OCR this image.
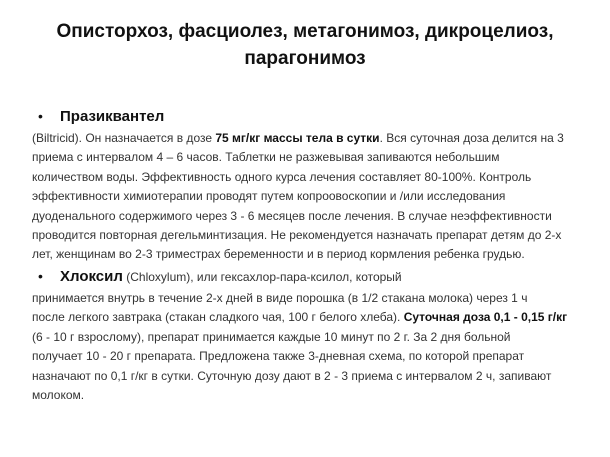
Описторхоз, фасциолез, метагонимоз, дикроцелиоз,
парагонимоз
•	Празиквантел
(Biltricid). Он назначается в дозе 75 мг/кг массы тела в сутки. Вся суточная доза делится на 3
приема с интервалом 4 – 6 часов. Таблетки не разжевывая запиваются небольшим
количеством воды. Эффективность одного курса лечения составляет 80-100%. Контроль
эффективности химиотерапии проводят путем копроовоскопии и /или исследования
дуоденального содержимого через 3 - 6 месяцев после лечения. В случае неэффективности
проводится повторная дегельминтизация. Не рекомендуется назначать препарат детям до 2-х
лет, женщинам во 2-3 триместрах беременности и в период кормления ребенка грудью.
•	Хлоксил (Chloxylum), или гексахлор-пара-ксилол, который
принимается внутрь в течение 2-х дней в виде порошка (в 1/2 стакана молока) через 1 ч
после легкого завтрака (стакан сладкого чая, 100 г белого хлеба). Суточная доза 0,1 - 0,15 г/кг
(6 - 10 г взрослому), препарат принимается каждые 10 минут по 2 г. За 2 дня больной
получает 10 - 20 г препарата. Предложена также 3-дневная схема, по которой препарат
назначают по 0,1 г/кг в сутки. Суточную дозу дают в 2 - 3 приема с интервалом 2 ч, запивают
молоком.
